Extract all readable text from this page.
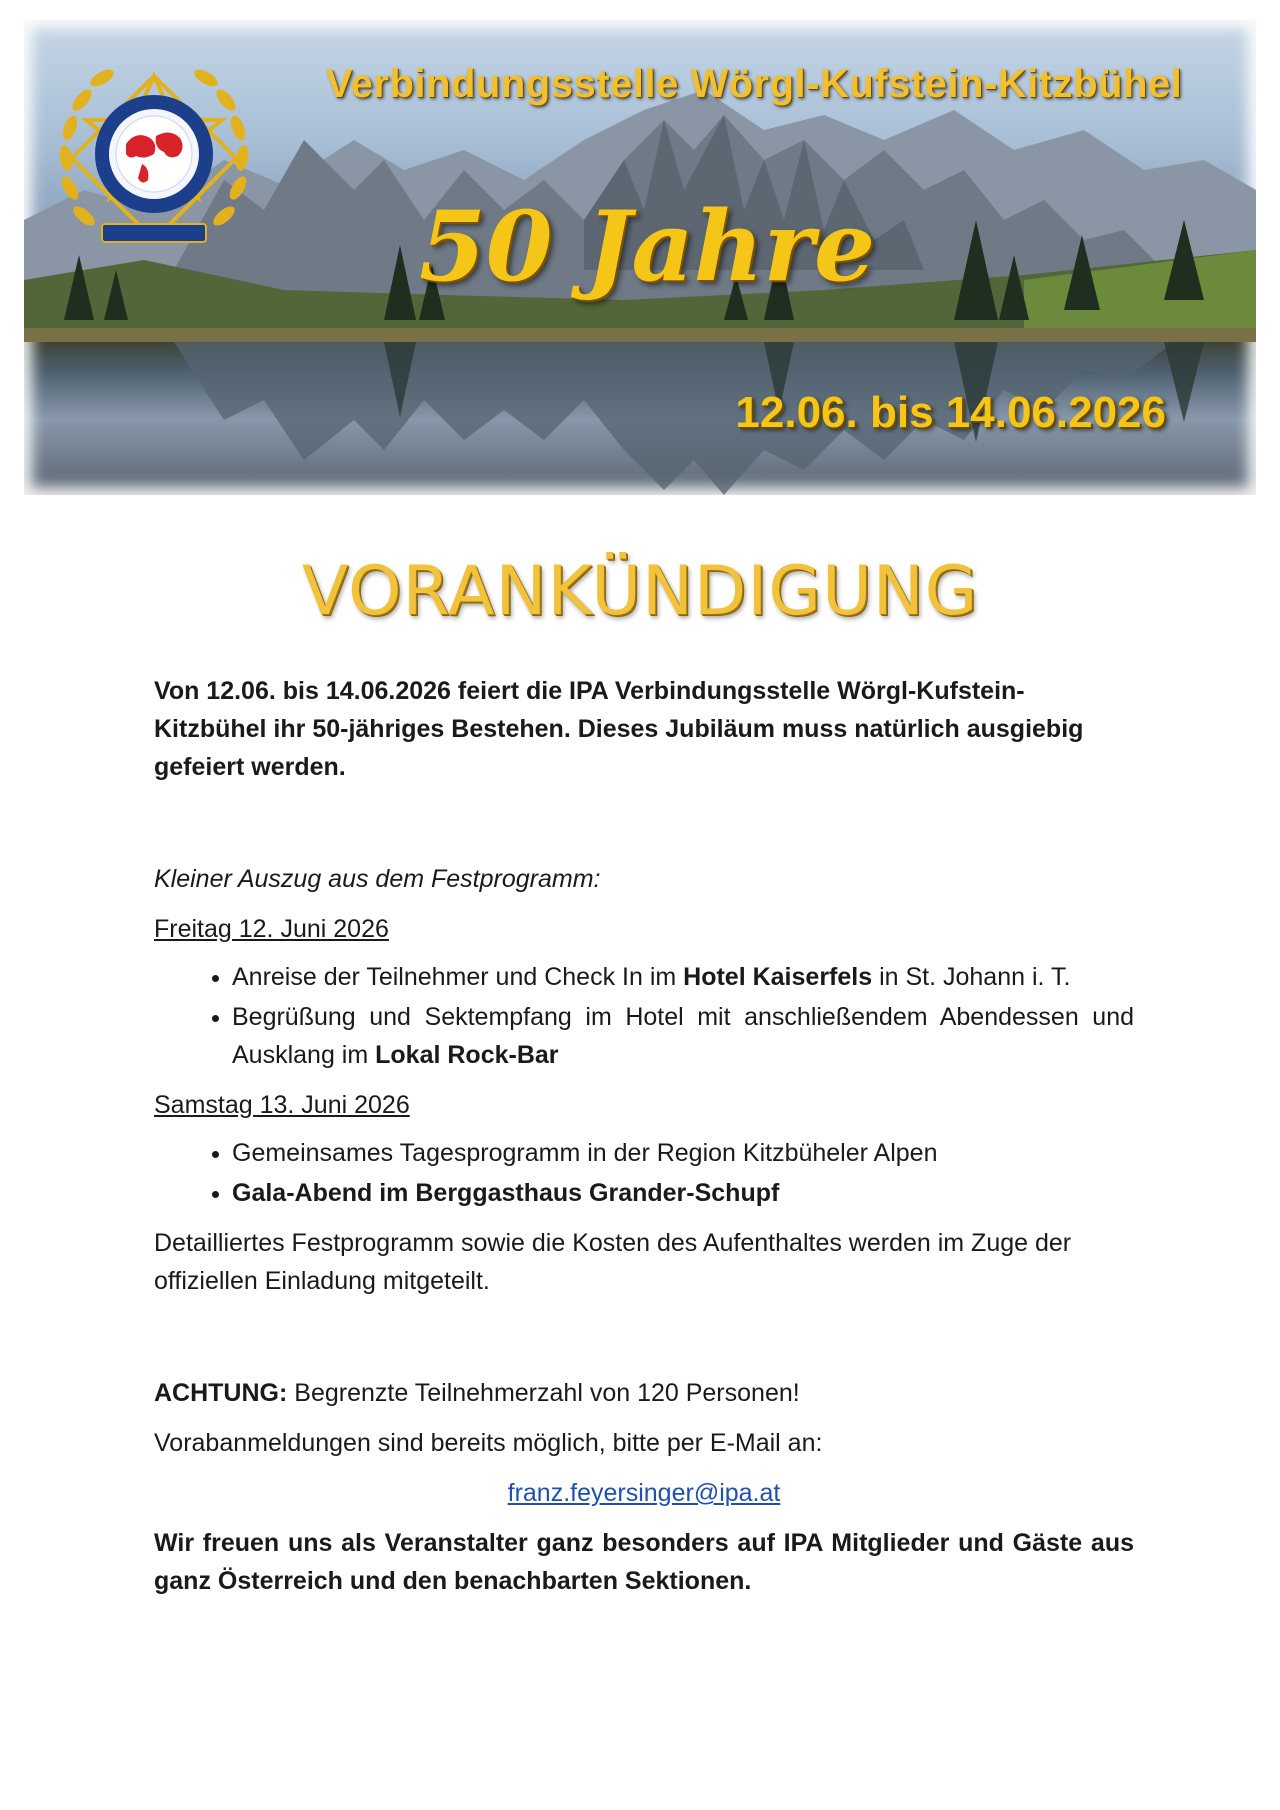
Verbindungsstelle Wörgl-Kufstein-Kitzbühel
50 Jahre
12.06. bis 14.06.2026
VORANKÜNDIGUNG

Von 12.06. bis 14.06.2026 feiert die IPA Verbindungsstelle Wörgl-Kufstein-Kitzbühel ihr 50-jähriges Bestehen. Dieses Jubiläum muss natürlich ausgiebig gefeiert werden.

Kleiner Auszug aus dem Festprogramm:

Freitag 12. Juni 2026

• Anreise der Teilnehmer und Check In im Hotel Kaiserfels in St. Johann i. T.
• Begrüßung und Sektempfang im Hotel mit anschließendem Abendessen und Ausklang im Lokal Rock-Bar

Samstag 13. Juni 2026

• Gemeinsames Tagesprogramm in der Region Kitzbüheler Alpen
• Gala-Abend im Berggasthaus Grander-Schupf

Detailliertes Festprogramm sowie die Kosten des Aufenthaltes werden im Zuge der offiziellen Einladung mitgeteilt.

ACHTUNG: Begrenzte Teilnehmerzahl von 120 Personen!

Vorabanmeldungen sind bereits möglich, bitte per E-Mail an:

franz.feyersinger@ipa.at

Wir freuen uns als Veranstalter ganz besonders auf IPA Mitglieder und Gäste aus ganz Österreich und den benachbarten Sektionen.
